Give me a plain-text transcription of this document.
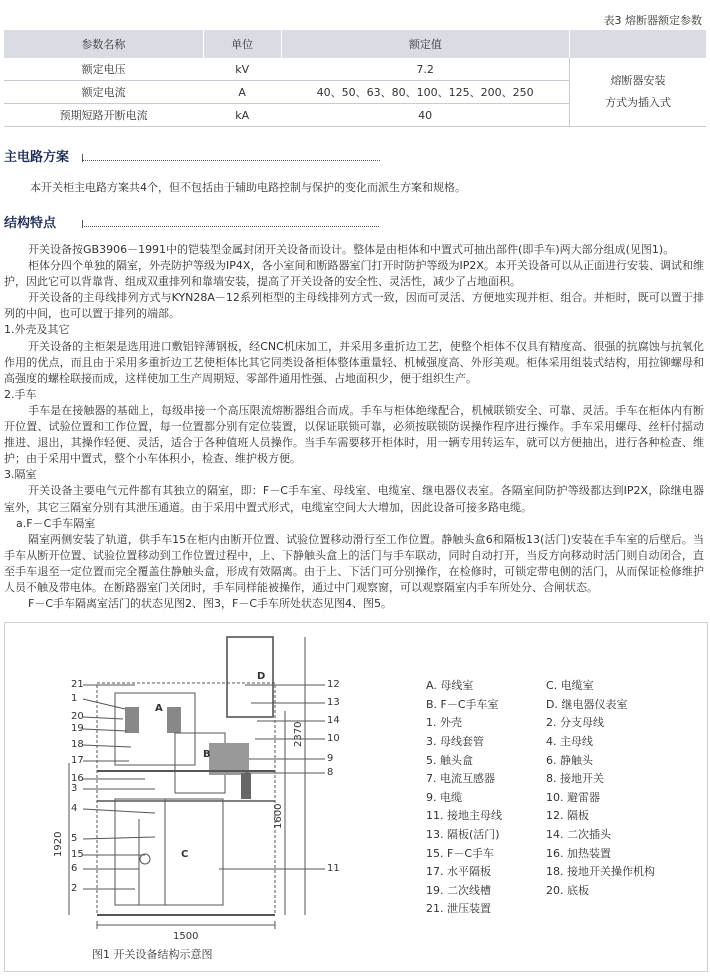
表3 熔断器额定参数
参数名称	单位	额定值	
额定电压	kV	7.2	熔断器安装
方式为插入式

额定电流	A	40、50、63、80、100、125、200、250	
预期短路开断电流	kA	40	
主电路方案

本开关柜主电路方案共4个，但不包括由于辅助电路控制与保护的变化而派生方案和规格。

结构特点

开关设备按GB3906－1991中的铠装型金属封闭开关设备而设计。整体是由柜体和中置式可抽出部件(即手车)两大部分组成(见图1)。

柜体分四个单独的隔室，外壳防护等级为IP4X，各小室间和断路器室门打开时防护等级为IP2X。本开关设备可以从正面进行安装、调试和维护，因此它可以背靠背、组成双重排列和靠墙安装，提高了开关设备的安全性、灵活性，减少了占地面积。

开关设备的主母线排列方式与KYN28A－12系列柜型的主母线排列方式一致，因而可灵活、方便地实现并柜、组合。并柜时，既可以置于排列的中间，也可以置于排列的端部。

1.外壳及其它

开关设备的主柜架是选用进口敷铝锌薄钢板，经CNC机床加工，并采用多重折边工艺，使整个柜体不仅具有精度高、很强的抗腐蚀与抗氧化作用的优点，而且由于采用多重折边工艺使柜体比其它同类设备柜体整体重量轻、机械强度高、外形美观。柜体采用组装式结构，用拉铆螺母和高强度的螺栓联接而成，这样使加工生产周期短、零部件通用性强、占地面积少，便于组织生产。

2.手车

手车是在接触器的基础上，每级串接一个高压限流熔断器组合而成。手车与柜体绝缘配合，机械联锁安全、可靠、灵活。手车在柜体内有断开位置、试验位置和工作位置，每一位置都分别有定位装置，以保证联锁可靠，必须按联锁防误操作程序进行操作。手车采用螺母、丝杆付摇动推进、退出，其操作轻便、灵活，适合于各种值班人员操作。当手车需要移开柜体时，用一辆专用转运车，就可以方便抽出，进行各种检查、维护；由于采用中置式，整个小车体积小，检查、维护极方便。

3.隔室

开关设备主要电气元件都有其独立的隔室，即：F－C手车室、母线室、电缆室、继电器仪表室。各隔室间防护等级都达到IP2X，除继电器室外，其它三隔室分别有其泄压通道。由于采用中置式形式，电缆室空间大大增加，因此设备可接多路电缆。

a.F－C手车隔室

隔室两侧安装了轨道，供手车15在柜内由断开位置、试验位置移动滑行至工作位置。静触头盒6和隔板13(活门)安装在手车室的后壁后。当手车从断开位置、试验位置移动到工作位置过程中，上、下静触头盒上的活门与手车联动，同时自动打开，当反方向移动时活门则自动闭合，直至手车退至一定位置而完全覆盖住静触头盒，形成有效隔离。由于上、下活门可分别操作，在检修时，可锁定带电侧的活门，从而保证检修维护人员不触及带电体。在断路器室门关闭时，手车同样能被操作，通过中门观察窗，可以观察隔室内手车所处分、合闸状态。

F－C手车隔离室活门的状态见图2、图3，F－C手车所处状态见图4、图5。

A
B
C
D
21
1
20
19
18
17
16
3
4
5
15
6
2
12
13
14
10
9
8
11
1500
1920
2370
1600
A. 母线室	C. 电缆室
B. F－C手车室	D. 继电器仪表室
1. 外壳	2. 分支母线
3. 母线套管	4. 主母线
5. 触头盒	6. 静触头
7. 电流互感器	8. 接地开关
9. 电缆	10. 避雷器
11. 接地主母线	12. 隔板
13. 隔板(活门)	14. 二次插头
15. F－C手车	16. 加热装置
17. 水平隔板	18. 接地开关操作机构
19. 二次线槽	20. 底板
21. 泄压装置
图1 开关设备结构示意图
